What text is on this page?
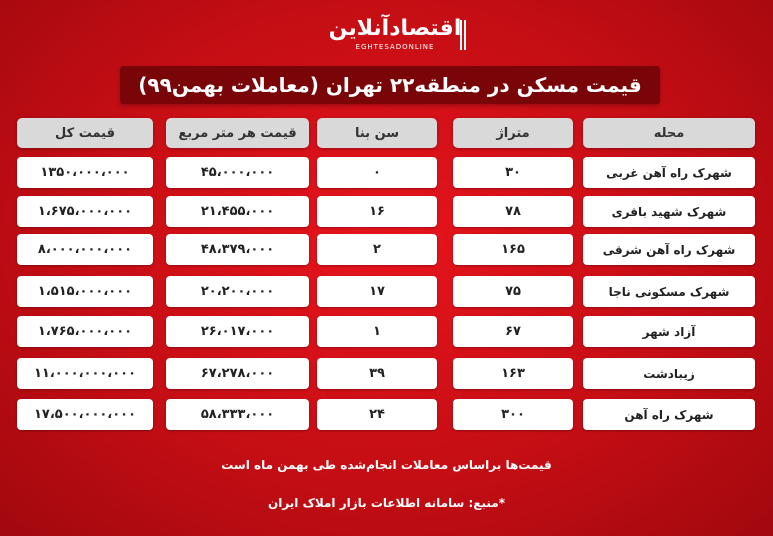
اقتصادآنلاین
EGHTESADONLINE
قیمت مسکن در منطقه۲۲ تهران (معاملات بهمن۹۹)
محله
متراژ
سن بنا
قیمت هر متر مربع
قیمت کل
شهرک راه آهن غربی
۳۰
۰
۴۵،۰۰۰،۰۰۰
۱۳۵۰،۰۰۰،۰۰۰
شهرک شهید باقری
۷۸
۱۶
۲۱،۴۵۵،۰۰۰
۱،۶۷۵،۰۰۰،۰۰۰
شهرک راه آهن شرقی
۱۶۵
۲
۴۸،۳۷۹،۰۰۰
۸،۰۰۰،۰۰۰،۰۰۰
شهرک مسکونی ناجا
۷۵
۱۷
۲۰،۲۰۰،۰۰۰
۱،۵۱۵،۰۰۰،۰۰۰
آزاد شهر
۶۷
۱
۲۶،۰۱۷،۰۰۰
۱،۷۶۵،۰۰۰،۰۰۰
زیبادشت
۱۶۳
۳۹
۶۷،۲۷۸،۰۰۰
۱۱،۰۰۰،۰۰۰،۰۰۰
شهرک راه آهن
۳۰۰
۲۴
۵۸،۳۳۳،۰۰۰
۱۷،۵۰۰،۰۰۰،۰۰۰
قیمت‌ها براساس معاملات انجام‌شده طی بهمن ماه است
*منبع: سامانه اطلاعات بازار املاک ایران
